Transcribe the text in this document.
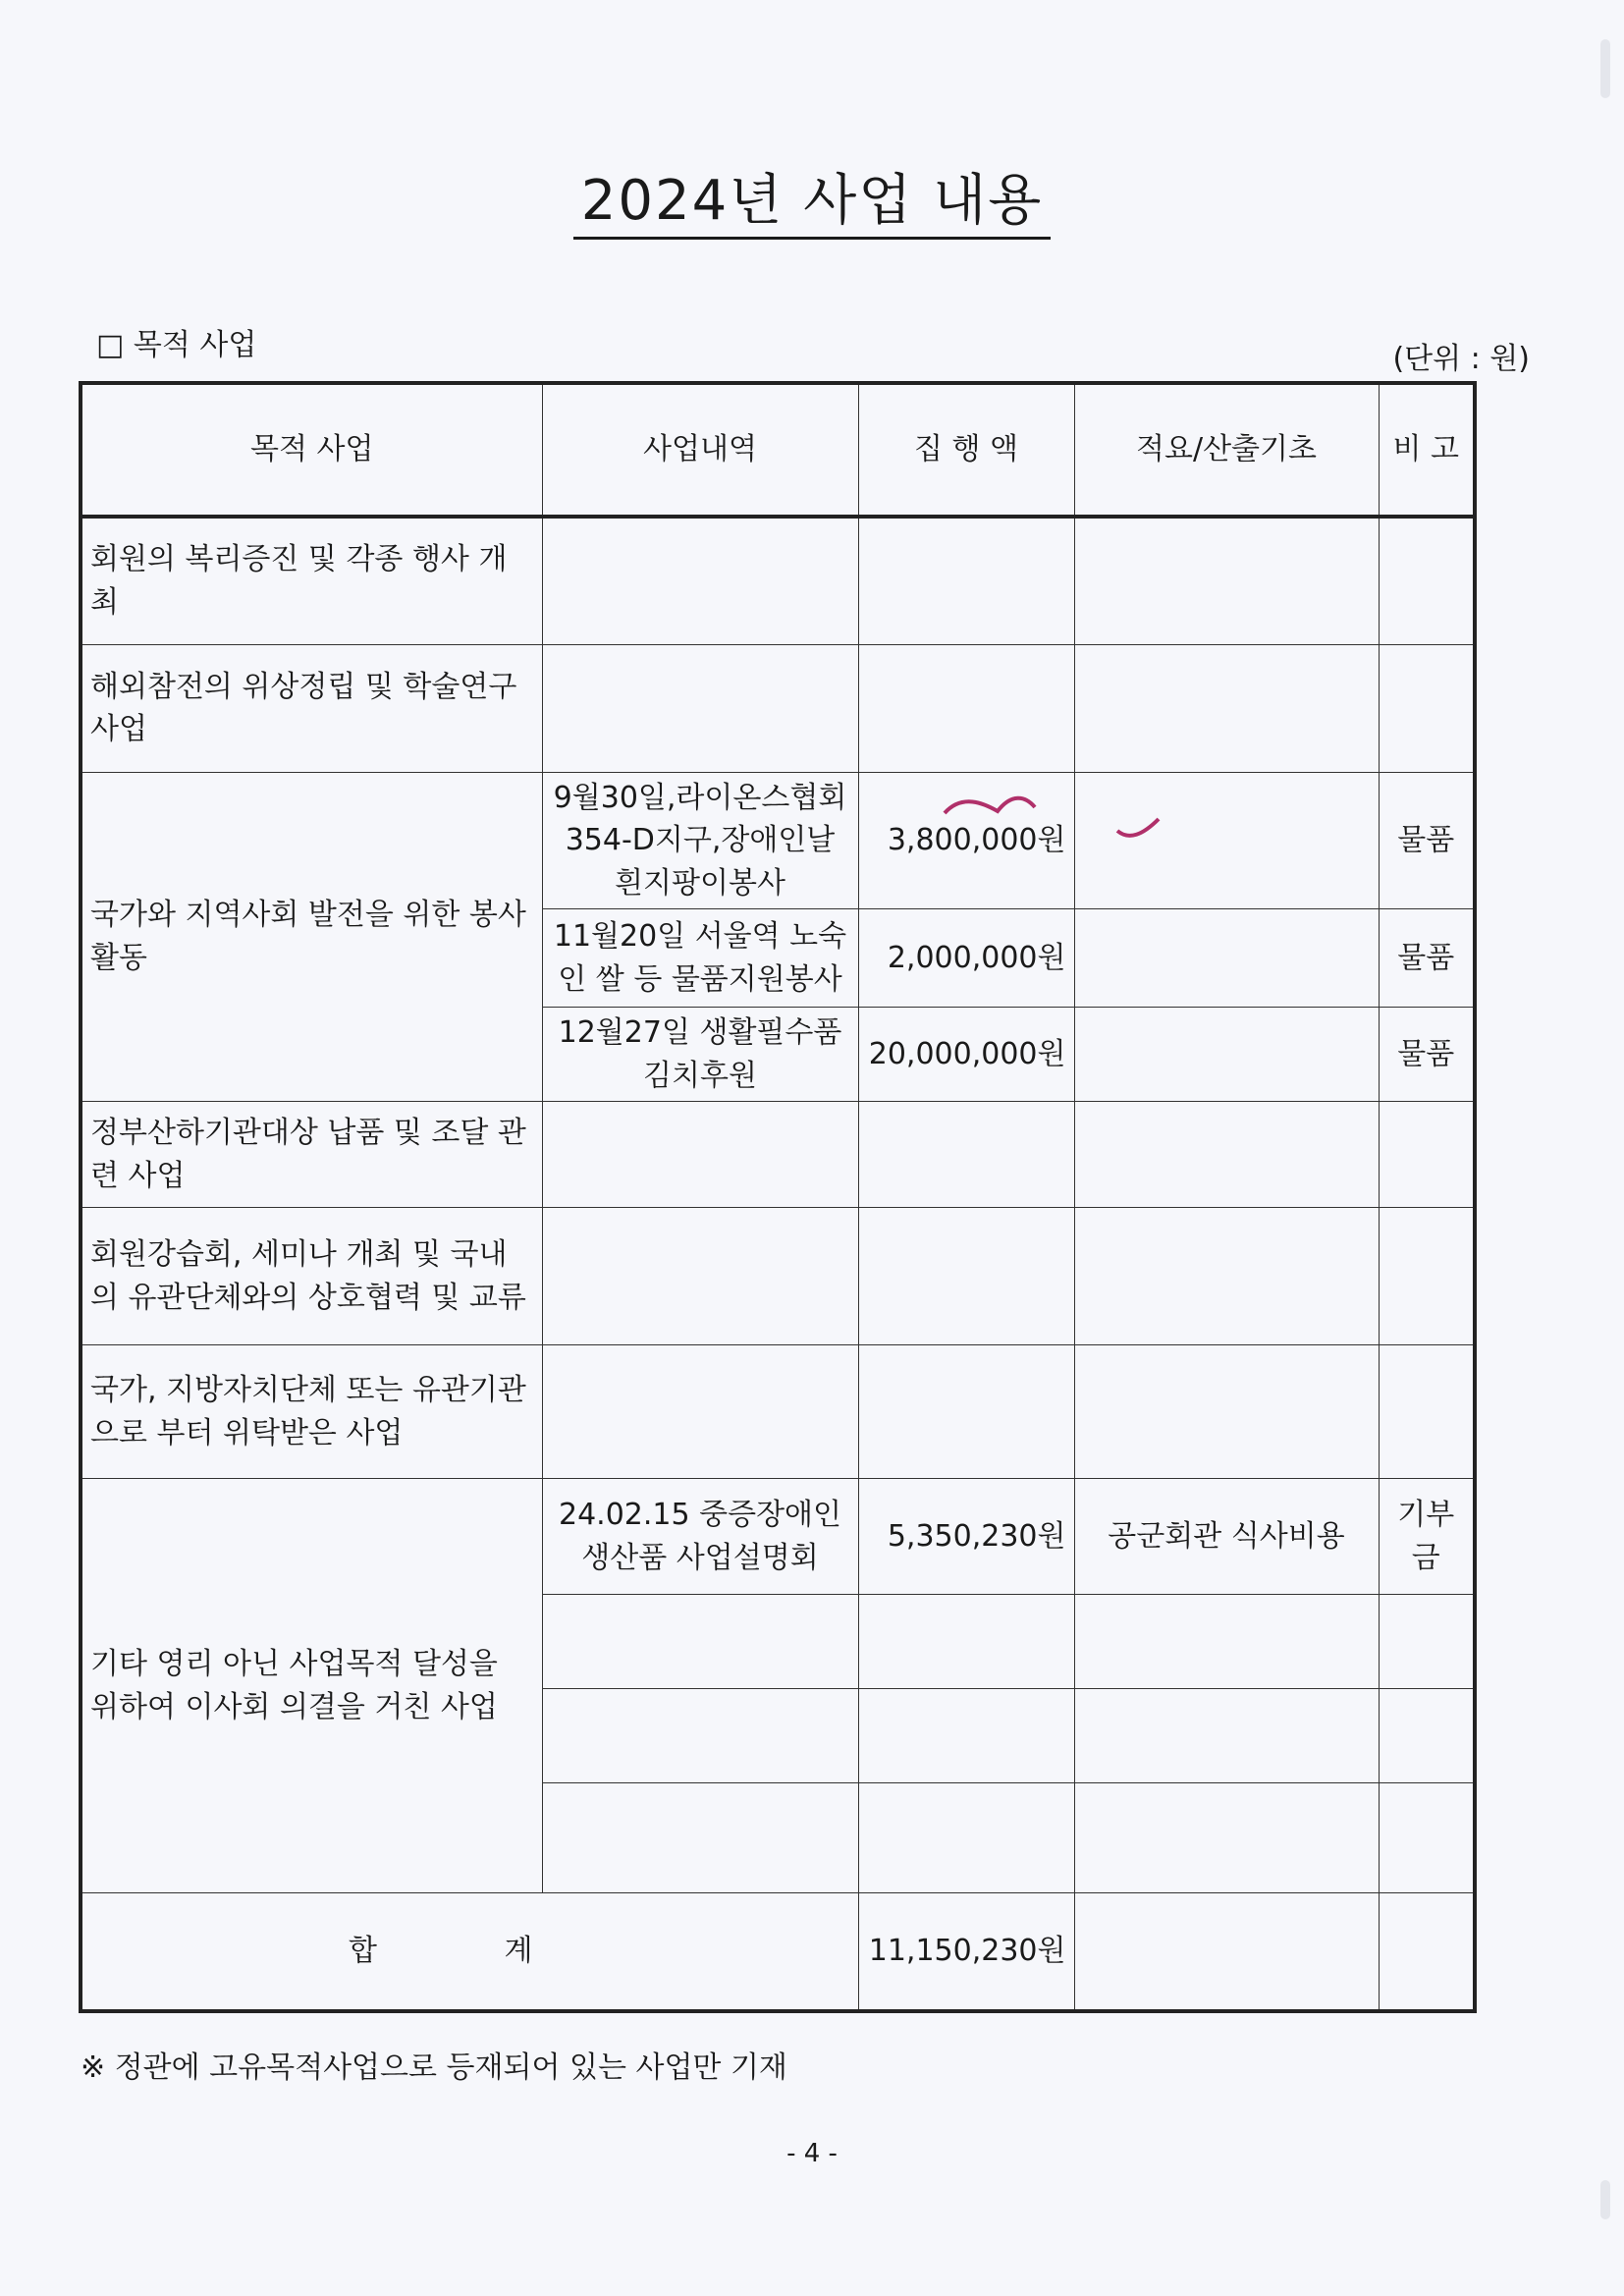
2024년 사업 내용
□ 목적 사업	(단위 : 원)
목적 사업	사업내역	집 행 액	적요/산출기초	비 고
회원의 복리증진 및 각종 행사 개최				
해외참전의 위상정립 및 학술연구 사업				
국가와 지역사회 발전을 위한 봉사활동	9월30일,라이온스협회354-D지구,장애인날 흰지팡이봉사	3,800,000원		물품
	11월20일 서울역 노숙인 쌀 등 물품지원봉사	2,000,000원		물품
	12월27일 생활필수품 김치후원	20,000,000원		물품
정부산하기관대상 납품 및 조달 관련 사업				
회원강습회, 세미나 개최 및 국내의 유관단체와의 상호협력 및 교류				
국가, 지방자치단체 또는 유관기관으로 부터 위탁받은 사업				
기타 영리 아닌 사업목적 달성을 위하여 이사회 의결을 거친 사업	24.02.15 중증장애인생산품 사업설명회	5,350,230원	공군회관 식사비용	기부금

합 계		11,150,230원		
※ 정관에 고유목적사업으로 등재되어 있는 사업만 기재
- 4 -
